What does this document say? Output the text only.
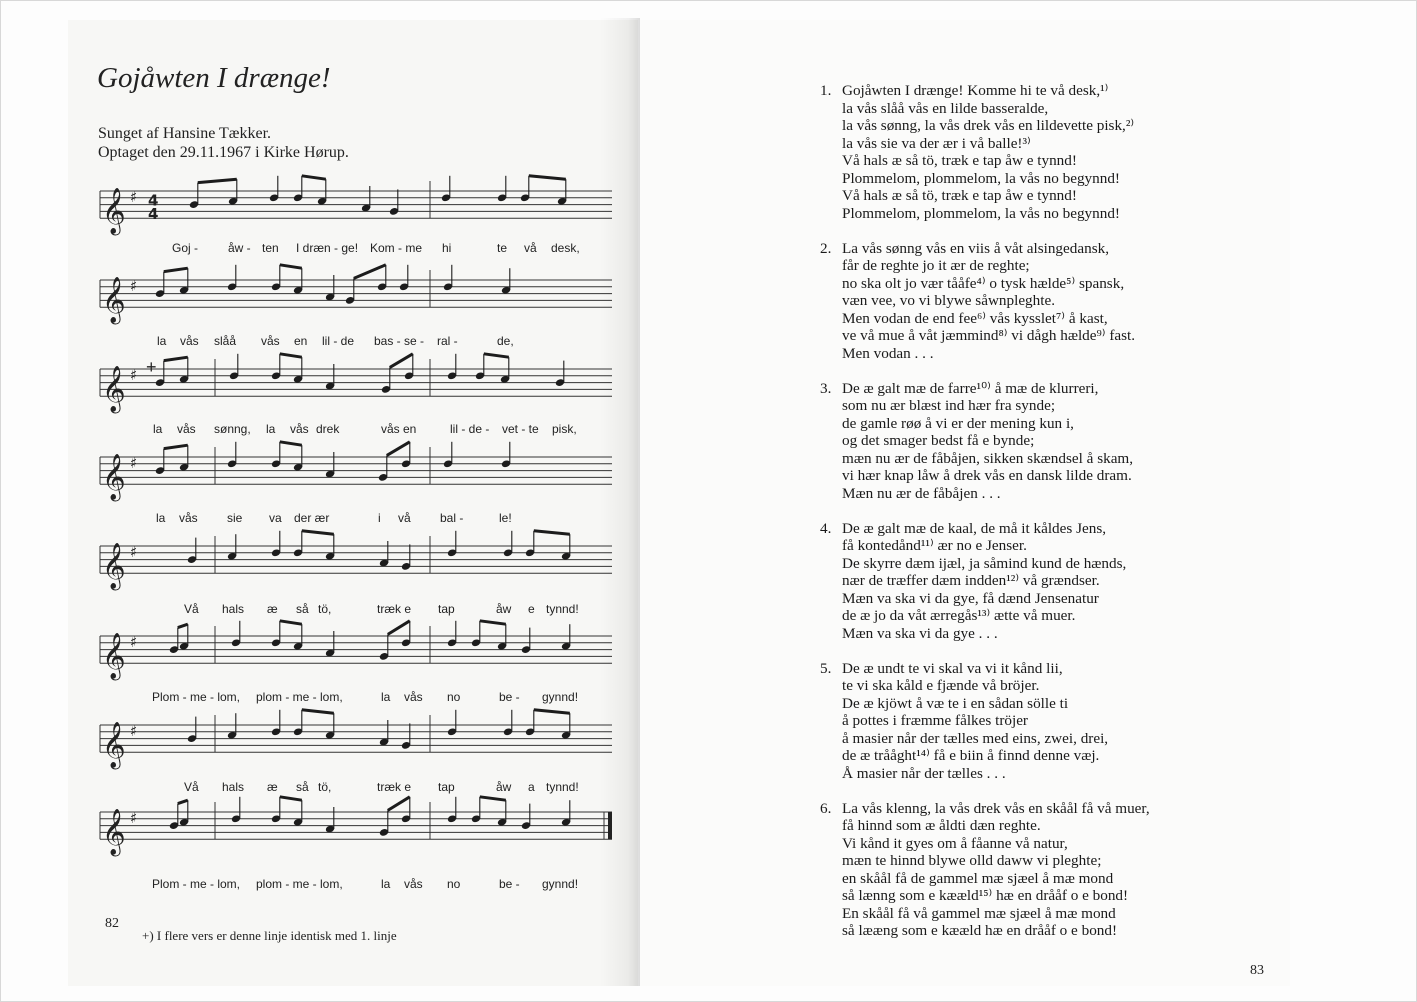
Gojåwten I drænge!
Sunget af Hansine Tækker.
Optaget den 29.11.1967 i Kirke Hørup.
𝄞 ♯ 4
4
𝄞 ♯
𝄞 ♯
𝄞 ♯
𝄞 ♯
𝄞 ♯
𝄞 ♯
𝄞 ♯
+
Goj - åw - ten I dræn - ge! Kom - me hi	te vå desk,
la vås slåå vås en lil - de bas - se - ral -	de,
la vås sønng, la vås drek	vås en	lil - de - vet - te pisk,
la vås sie va der ær	i vå bal -	le!
Vå hals æ så tö,	træk e tap	åw e tynnd!
Plom - me - lom, plom - me - lom,	la vås no	be - gynnd!
Vå hals æ så tö,	træk e tap	åw a tynnd!
Plom - me - lom, plom - me - lom,	la vås no	be - gynnd!
82
+) I flere vers er denne linje identisk med 1. linje
1. Gojåwten I drænge! Komme hi te vå desk,¹⁾
la vås slåå vås en lilde basseralde,
la vås sønng, la vås drek vås en lildevette pisk,²⁾
la vås sie va der ær i vå balle!³⁾
Vå hals æ så tö, træk e tap åw e tynnd!
Plommelom, plommelom, la vås no begynnd!
Vå hals æ så tö, træk e tap åw e tynnd!
Plommelom, plommelom, la vås no begynnd!
2. La vås sønng vås en viis å våt alsingedansk,
får de reghte jo it ær de reghte;
no ska olt jo vær tååfe⁴⁾ o tysk hælde⁵⁾ spansk,
væn vee, vo vi blywe såwnpleghte.
Men vodan de end fee⁶⁾ vås kysslet⁷⁾ å kast,
ve vå mue å våt jæmmind⁸⁾ vi dågh hælde⁹⁾ fast.
Men vodan . . .
3. De æ galt mæ de farre¹⁰⁾ å mæ de klurreri,
som nu ær blæst ind hær fra synde;
de gamle røø å vi er der mening kun i,
og det smager bedst få e bynde;
mæn nu ær de fåbåjen, sikken skændsel å skam,
vi hær knap låw å drek vås en dansk lilde dram.
Mæn nu ær de fåbåjen . . .
4. De æ galt mæ de kaal, de må it kåldes Jens,
få kontedånd¹¹⁾ ær no e Jenser.
De skyrre dæm ijæl, ja såmind kund de hænds,
nær de træffer dæm indden¹²⁾ vå grændser.
Mæn va ska vi da gye, få dænd Jensenatur
de æ jo da våt ærregås¹³⁾ ætte vå muer.
Mæn va ska vi da gye . . .
5. De æ undt te vi skal va vi it kånd lii,
te vi ska kåld e fjænde vå bröjer.
De æ kjöwt å væ te i en sådan sölle ti
å pottes i fræmme fålkes tröjer
å masier når der tælles med eins, zwei, drei,
de æ trååght¹⁴⁾ få e biin å finnd denne væj.
Å masier når der tælles . . .
6. La vås klenng, la vås drek vås en skåål få vå muer,
få hinnd som æ åldti dæn reghte.
Vi kånd it gyes om å fåanne vå natur,
mæn te hinnd blywe olld daww vi pleghte;
en skåål få de gammel mæ sjæel å mæ mond
så lænng som e kææld¹⁵⁾ hæ en drååf o e bond!
En skåål få vå gammel mæ sjæel å mæ mond
så lææng som e kææld hæ en drååf o e bond!
83
